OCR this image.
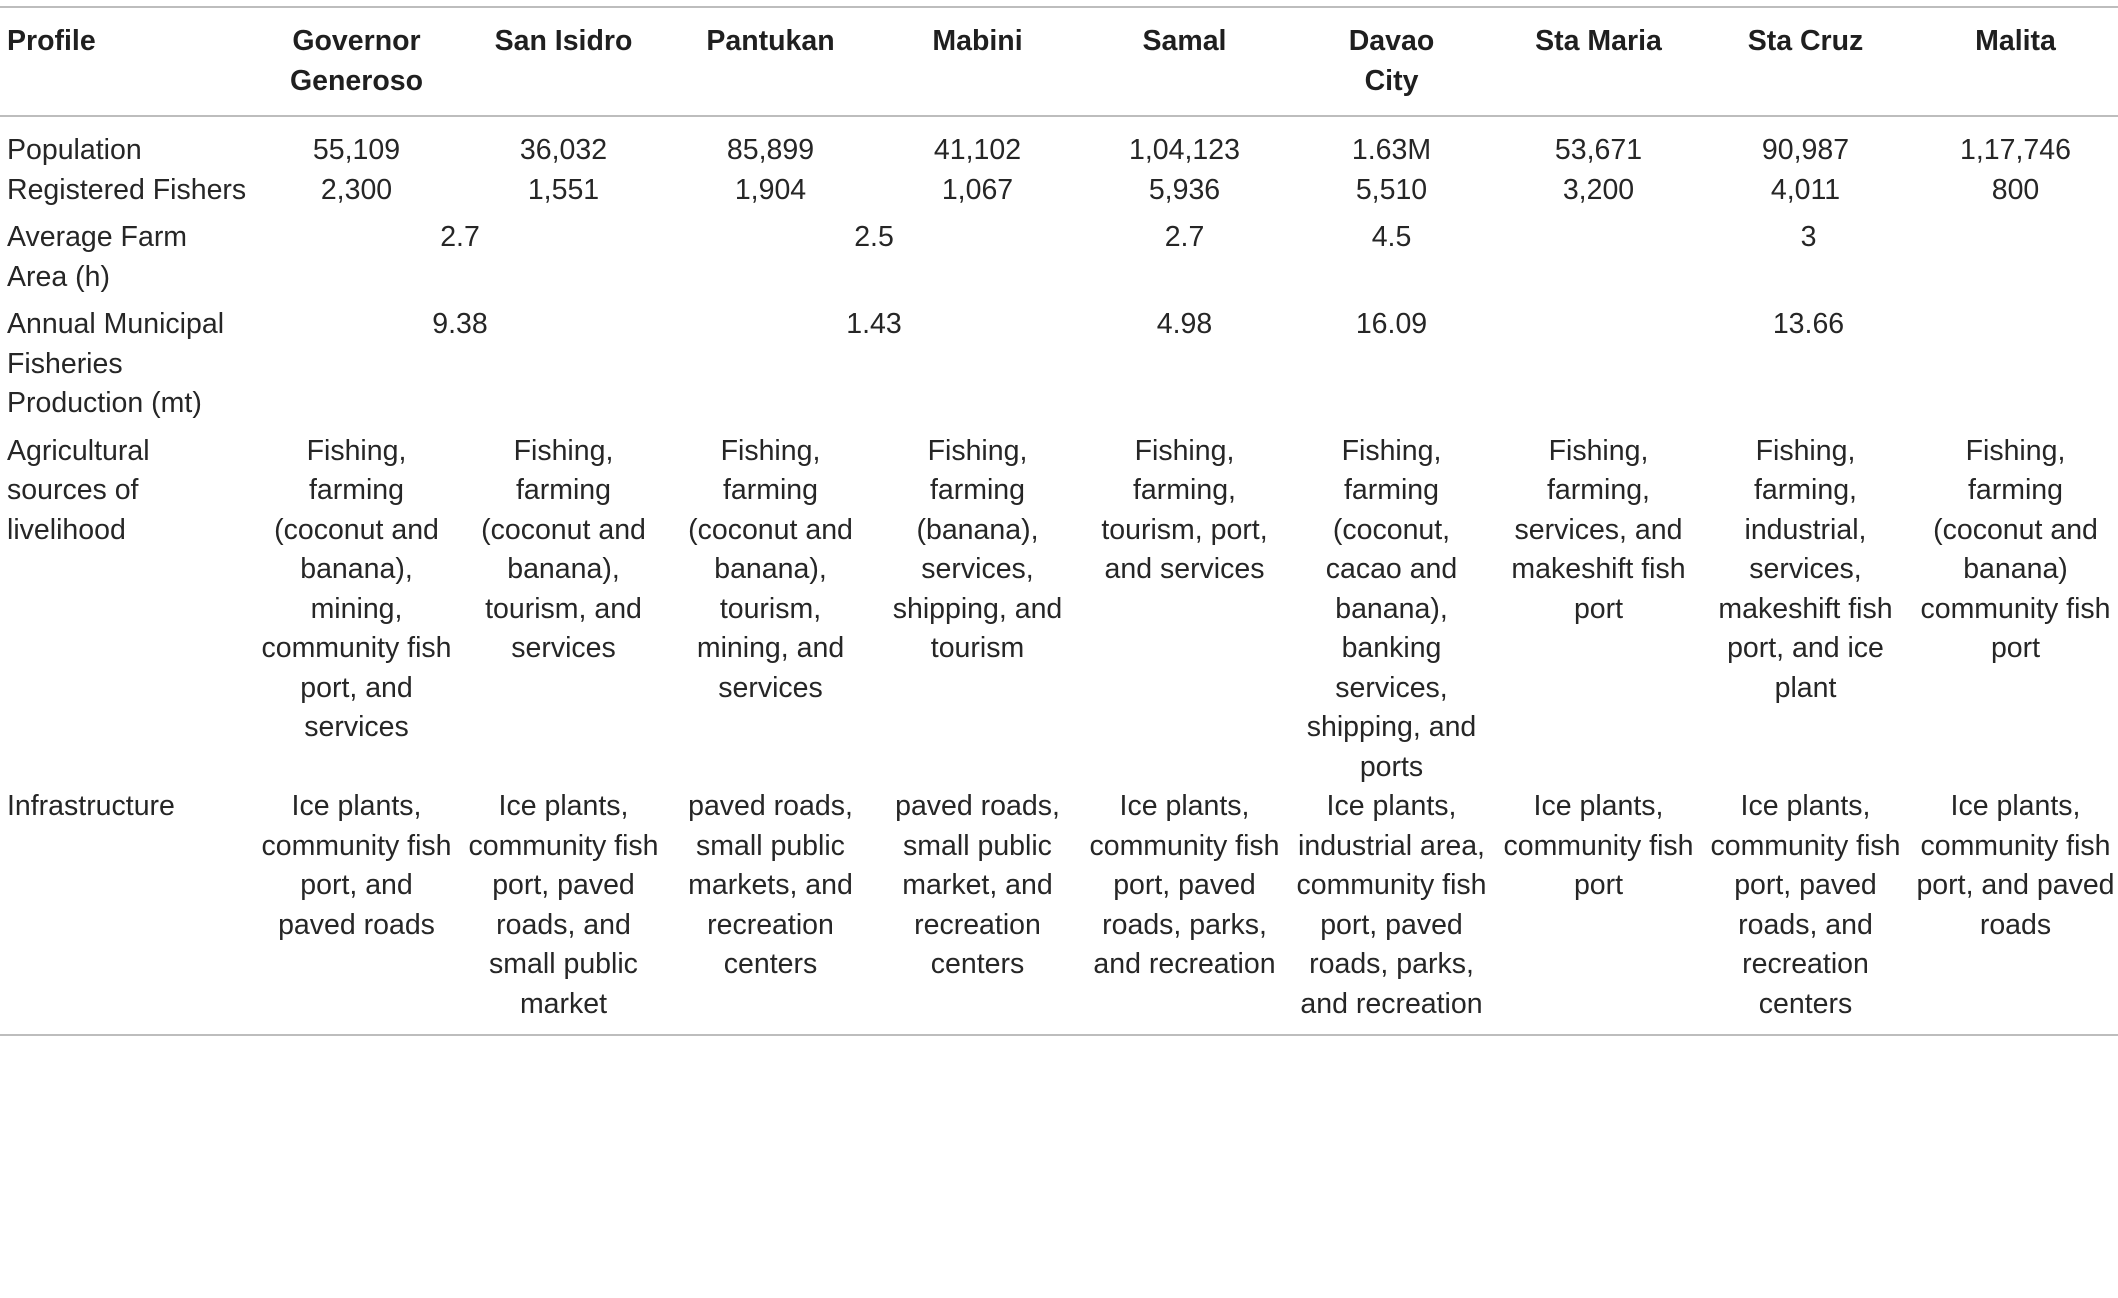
Profile	Governor Generoso	San Isidro	Pantukan	Mabini	Samal	Davao City	Sta Maria	Sta Cruz	Malita
Population	55,109	36,032	85,899	41,102	1,04,123	1.63M	53,671	90,987	1,17,746
Registered Fishers	2,300	1,551	1,904	1,067	5,936	5,510	3,200	4,011	800
Average Farm Area (h)	2.7		2.5		2.7	4.5	3		
Annual Municipal Fisheries Production (mt)	9.38		1.43		4.98	16.09	13.66		
Agricultural sources of livelihood	Fishing, farming (coconut and banana), mining, community fish port, and services	Fishing, farming (coconut and banana), tourism, and services	Fishing, farming (coconut and banana), tourism, mining, and services	Fishing, farming (banana), services, shipping, and tourism	Fishing, farming, tourism, port, and services	Fishing, farming (coconut, cacao and banana), banking services, shipping, and ports	Fishing, farming, services, and makeshift fish port	Fishing, farming, industrial, services, makeshift fish port, and ice plant	Fishing, farming (coconut and banana) community fish port
Infrastructure	Ice plants, community fish port, and paved roads	Ice plants, community fish port, paved roads, and small public market	paved roads, small public markets, and recreation centers	paved roads, small public market, and recreation centers	Ice plants, community fish port, paved roads, parks, and recreation	Ice plants, industrial area, community fish port, paved roads, parks, and recreation	Ice plants, community fish port	Ice plants, community fish port, paved roads, and recreation centers	Ice plants, community fish port, and paved roads
